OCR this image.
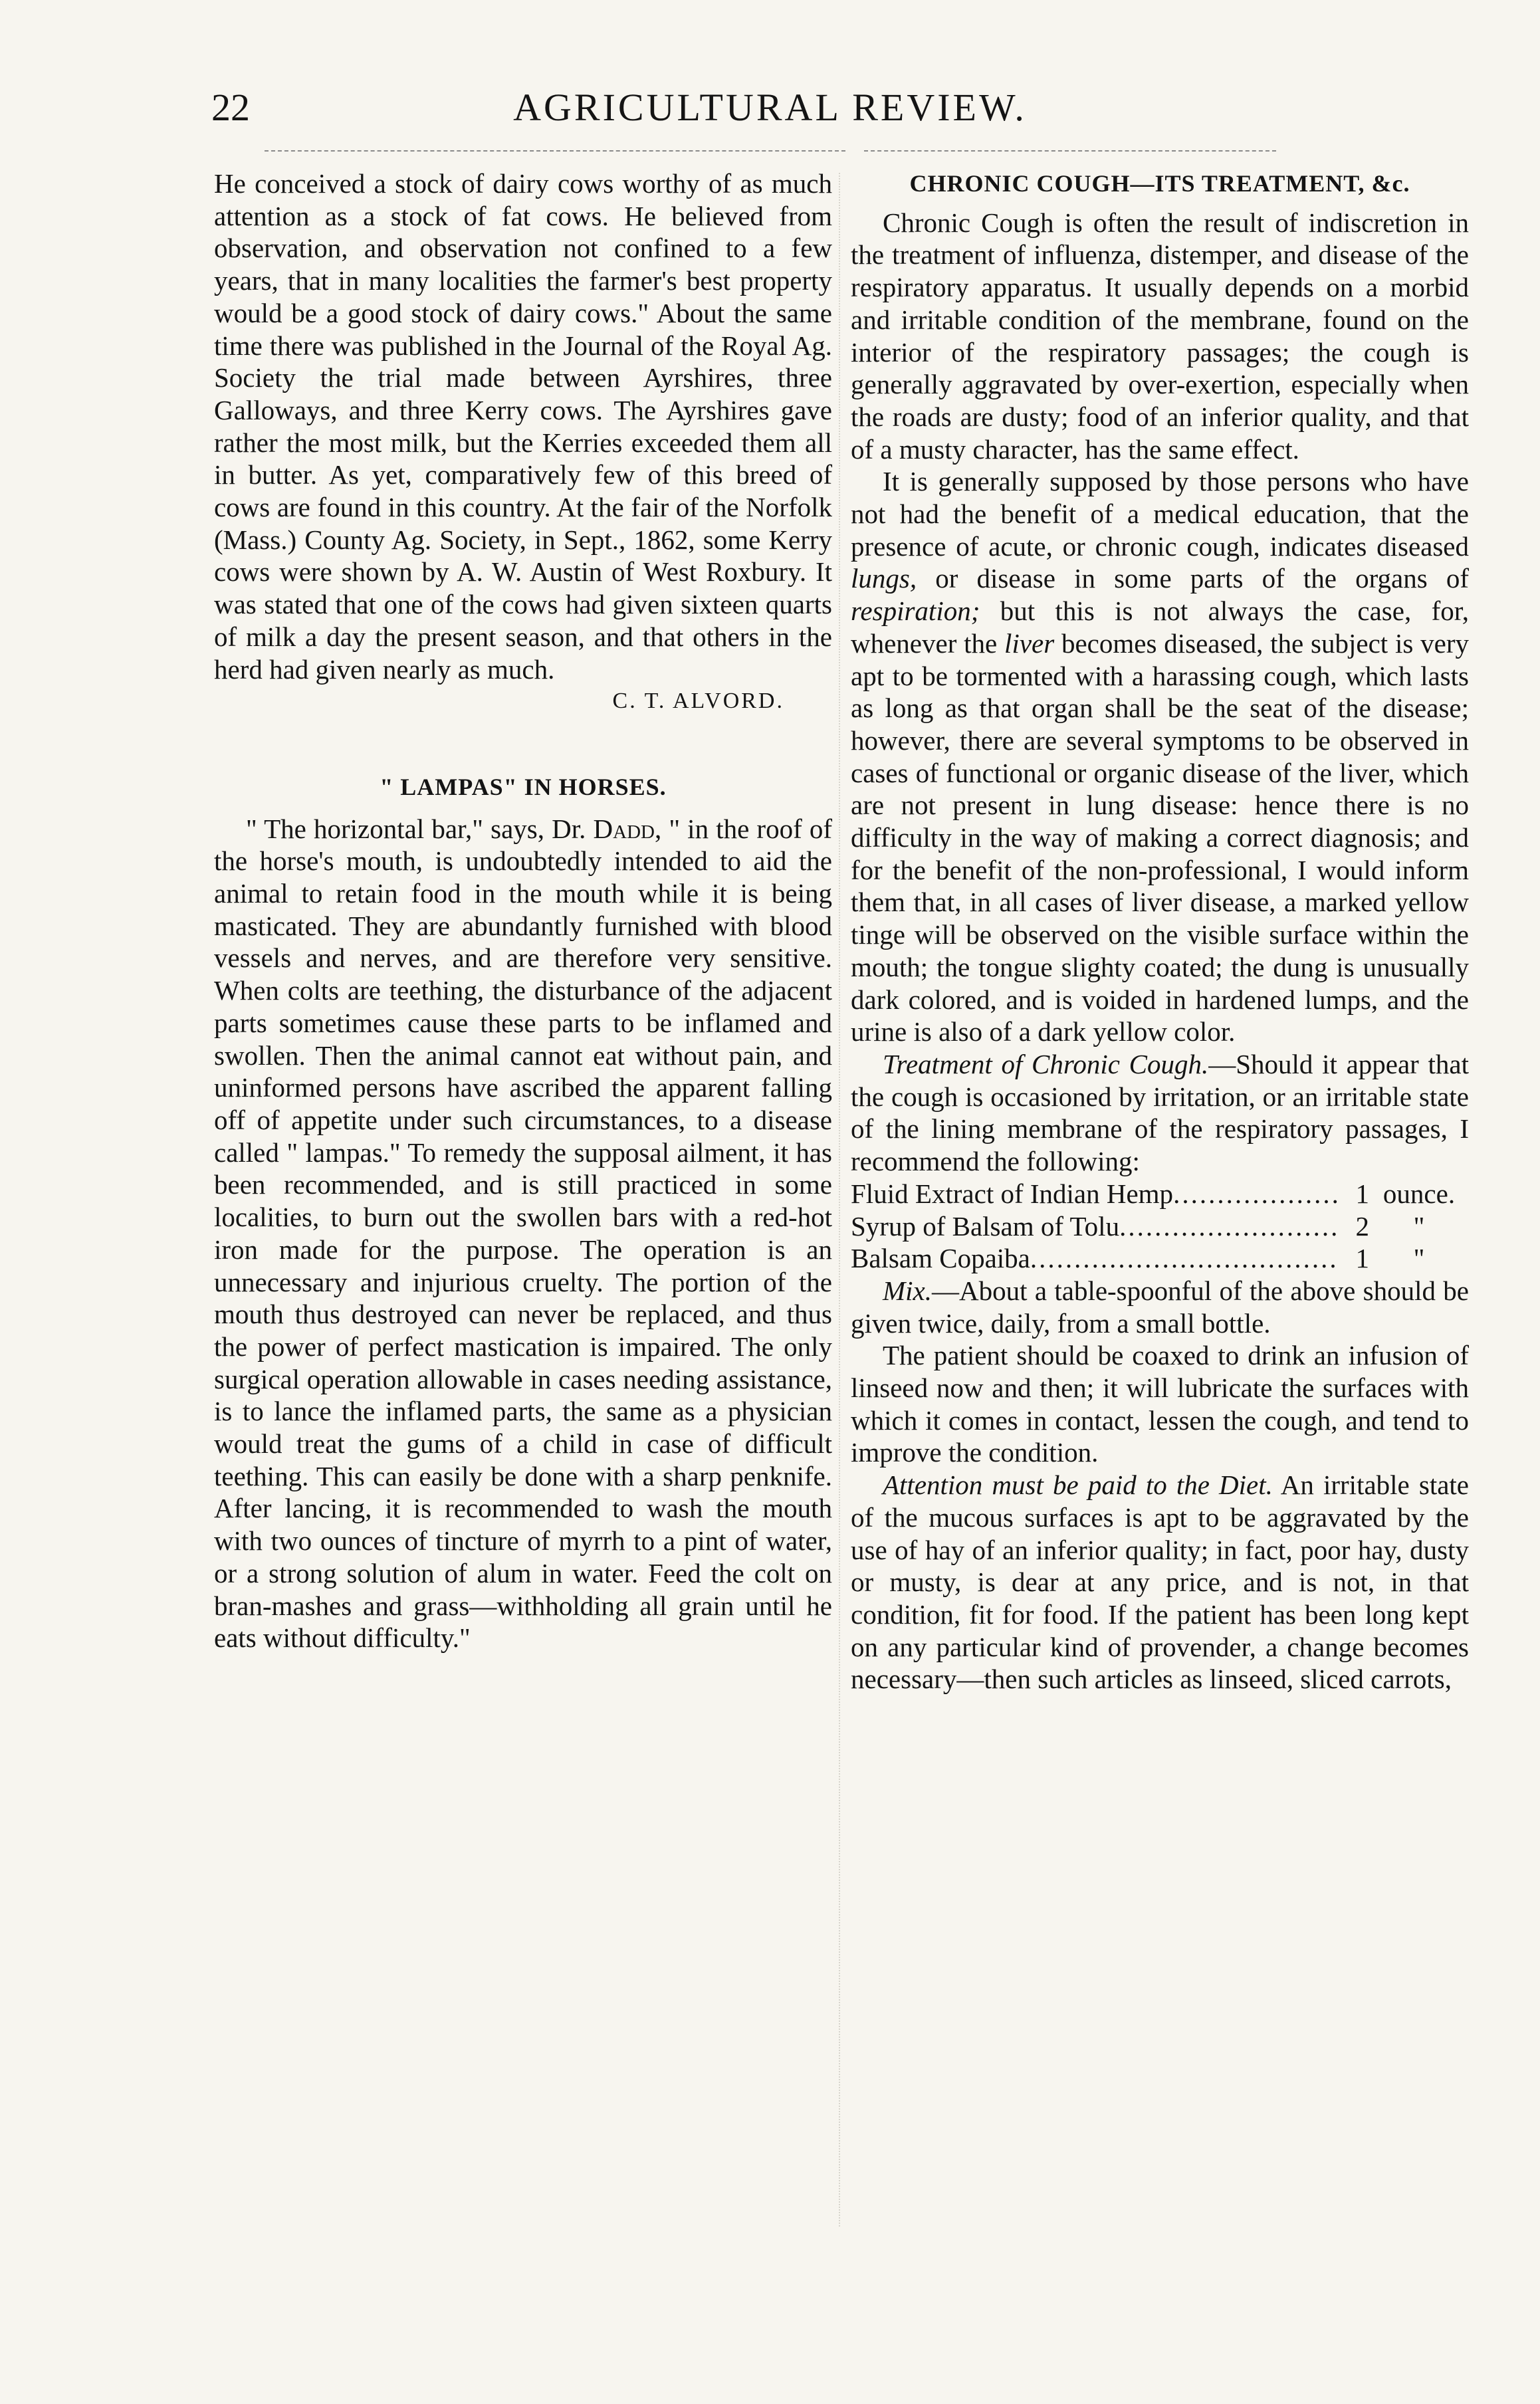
22	AGRICULTURAL REVIEW.

He conceived a stock of dairy cows worthy of as much attention as a stock of fat cows. He believed from observation, and observation not confined to a few years, that in many localities the farmer's best property would be a good stock of dairy cows." About the same time there was published in the Journal of the Royal Ag. Society the trial made between Ayrshires, three Galloways, and three Kerry cows. The Ayrshires gave rather the most milk, but the Kerries exceeded them all in butter. As yet, comparatively few of this breed of cows are found in this country. At the fair of the Norfolk (Mass.) County Ag. Society, in Sept., 1862, some Kerry cows were shown by A. W. Austin of West Roxbury. It was stated that one of the cows had given sixteen quarts of milk a day the present season, and that others in the herd had given nearly as much.

C. T. ALVORD.

" LAMPAS" IN HORSES.

" The horizontal bar," says, Dr. Dadd, " in the roof of the horse's mouth, is undoubtedly intended to aid the animal to retain food in the mouth while it is being masticated. They are abundantly furnished with blood vessels and nerves, and are therefore very sensitive. When colts are teething, the disturbance of the adjacent parts sometimes cause these parts to be inflamed and swollen. Then the animal cannot eat without pain, and uninformed persons have ascribed the apparent falling off of appetite under such circumstances, to a disease called " lampas." To remedy the supposal ailment, it has been recommended, and is still practiced in some localities, to burn out the swollen bars with a red-hot iron made for the purpose. The operation is an unnecessary and injurious cruelty. The portion of the mouth thus destroyed can never be replaced, and thus the power of perfect mastication is impaired. The only surgical operation allowable in cases needing assistance, is to lance the inflamed parts, the same as a physician would treat the gums of a child in case of difficult teething. This can easily be done with a sharp penknife. After lancing, it is recommended to wash the mouth with two ounces of tincture of myrrh to a pint of water, or a strong solution of alum in water. Feed the colt on bran-mashes and grass—withholding all grain until he eats without difficulty."

CHRONIC COUGH—ITS TREATMENT, &c.

Chronic Cough is often the result of indiscretion in the treatment of influenza, distemper, and disease of the respiratory apparatus. It usually depends on a morbid and irritable condition of the membrane, found on the interior of the respiratory passages; the cough is generally aggravated by over-exertion, especially when the roads are dusty; food of an inferior quality, and that of a musty character, has the same effect.

It is generally supposed by those persons who have not had the benefit of a medical education, that the presence of acute, or chronic cough, indicates diseased lungs, or disease in some parts of the organs of respiration; but this is not always the case, for, whenever the liver becomes diseased, the subject is very apt to be tormented with a harassing cough, which lasts as long as that organ shall be the seat of the disease; however, there are several symptoms to be observed in cases of functional or organic disease of the liver, which are not present in lung disease: hence there is no difficulty in the way of making a correct diagnosis; and for the benefit of the non-professional, I would inform them that, in all cases of liver disease, a marked yellow tinge will be observed on the visible surface within the mouth; the tongue slighty coated; the dung is unusually dark colored, and is voided in hardened lumps, and the urine is also of a dark yellow color.

Treatment of Chronic Cough.—Should it appear that the cough is occasioned by irritation, or an irritable state of the lining membrane of the respiratory passages, I recommend the following:

Fluid Extract of Indian Hemp .....	1 ounce.
Syrup of Balsam of Tolu .....	2	"
Balsam Copaiba .....	1	"

Mix.—About a table-spoonful of the above should be given twice, daily, from a small bottle.

The patient should be coaxed to drink an infusion of linseed now and then; it will lubricate the surfaces with which it comes in contact, lessen the cough, and tend to improve the condition.

Attention must be paid to the Diet. An irritable state of the mucous surfaces is apt to be aggravated by the use of hay of an inferior quality; in fact, poor hay, dusty or musty, is dear at any price, and is not, in that condition, fit for food. If the patient has been long kept on any particular kind of provender, a change becomes necessary—then such articles as linseed, sliced carrots,
